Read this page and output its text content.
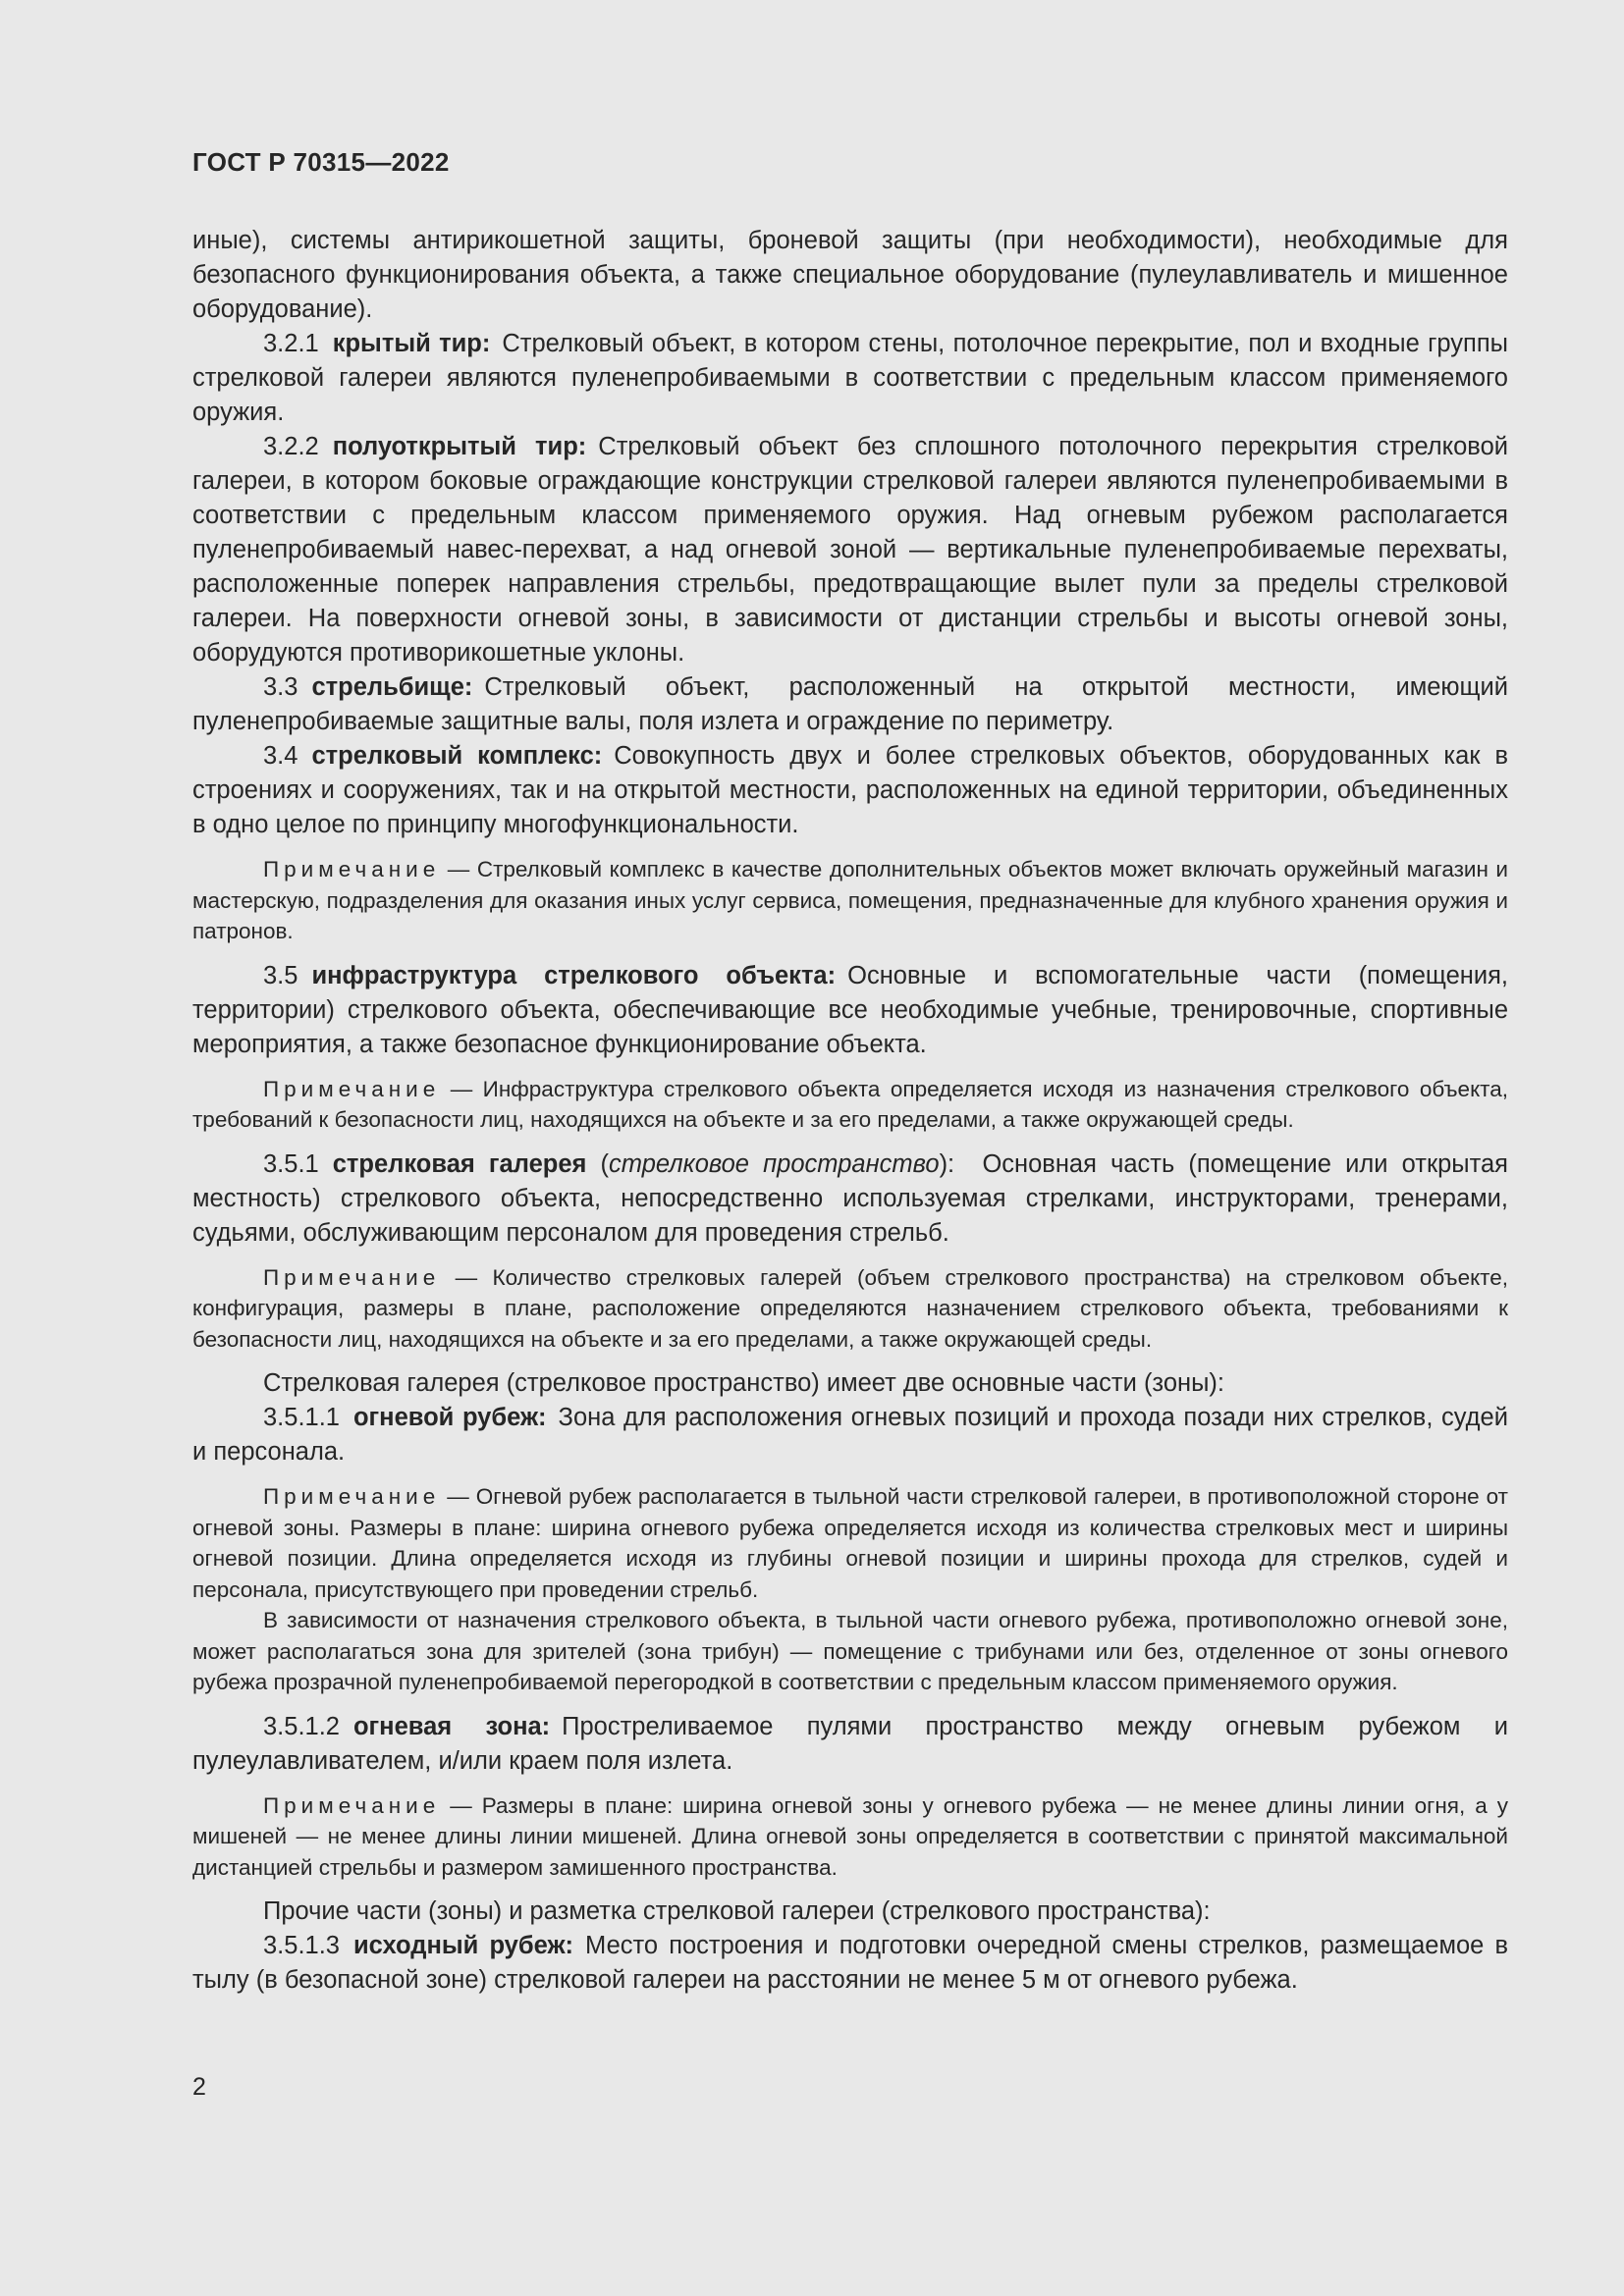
ГОСТ Р 70315—2022

иные), системы антирикошетной защиты, броневой защиты (при необходимости), необходимые для безопасного функционирования объекта, а также специальное оборудование (пулеулавливатель и мишенное оборудование).

3.2.1 крытый тир: Стрелковый объект, в котором стены, потолочное перекрытие, пол и входные группы стрелковой галереи являются пуленепробиваемыми в соответствии с предельным классом применяемого оружия.

3.2.2 полуоткрытый тир: Стрелковый объект без сплошного потолочного перекрытия стрелковой галереи, в котором боковые ограждающие конструкции стрелковой галереи являются пуленепробиваемыми в соответствии с предельным классом применяемого оружия. Над огневым рубежом располагается пуленепробиваемый навес-перехват, а над огневой зоной — вертикальные пуленепробиваемые перехваты, расположенные поперек направления стрельбы, предотвращающие вылет пули за пределы стрелковой галереи. На поверхности огневой зоны, в зависимости от дистанции стрельбы и высоты огневой зоны, оборудуются противорикошетные уклоны.

3.3 стрельбище: Стрелковый объект, расположенный на открытой местности, имеющий пуленепробиваемые защитные валы, поля излета и ограждение по периметру.

3.4 стрелковый комплекс: Совокупность двух и более стрелковых объектов, оборудованных как в строениях и сооружениях, так и на открытой местности, расположенных на единой территории, объединенных в одно целое по принципу многофункциональности.

Примечание — Стрелковый комплекс в качестве дополнительных объектов может включать оружейный магазин и мастерскую, подразделения для оказания иных услуг сервиса, помещения, предназначенные для клубного хранения оружия и патронов.

3.5 инфраструктура стрелкового объекта: Основные и вспомогательные части (помещения, территории) стрелкового объекта, обеспечивающие все необходимые учебные, тренировочные, спортивные мероприятия, а также безопасное функционирование объекта.

Примечание — Инфраструктура стрелкового объекта определяется исходя из назначения стрелкового объекта, требований к безопасности лиц, находящихся на объекте и за его пределами, а также окружающей среды.

3.5.1 стрелковая галерея (стрелковое пространство): Основная часть (помещение или открытая местность) стрелкового объекта, непосредственно используемая стрелками, инструкторами, тренерами, судьями, обслуживающим персоналом для проведения стрельб.

Примечание — Количество стрелковых галерей (объем стрелкового пространства) на стрелковом объекте, конфигурация, размеры в плане, расположение определяются назначением стрелкового объекта, требованиями к безопасности лиц, находящихся на объекте и за его пределами, а также окружающей среды.

Стрелковая галерея (стрелковое пространство) имеет две основные части (зоны):

3.5.1.1 огневой рубеж: Зона для расположения огневых позиций и прохода позади них стрелков, судей и персонала.

Примечание — Огневой рубеж располагается в тыльной части стрелковой галереи, в противоположной стороне от огневой зоны. Размеры в плане: ширина огневого рубежа определяется исходя из количества стрелковых мест и ширины огневой позиции. Длина определяется исходя из глубины огневой позиции и ширины прохода для стрелков, судей и персонала, присутствующего при проведении стрельб.

В зависимости от назначения стрелкового объекта, в тыльной части огневого рубежа, противоположно огневой зоне, может располагаться зона для зрителей (зона трибун) — помещение с трибунами или без, отделенное от зоны огневого рубежа прозрачной пуленепробиваемой перегородкой в соответствии с предельным классом применяемого оружия.

3.5.1.2 огневая зона: Простреливаемое пулями пространство между огневым рубежом и пулеулавливателем, и/или краем поля излета.

Примечание — Размеры в плане: ширина огневой зоны у огневого рубежа — не менее длины линии огня, а у мишеней — не менее длины линии мишеней. Длина огневой зоны определяется в соответствии с принятой максимальной дистанцией стрельбы и размером замишенного пространства.

Прочие части (зоны) и разметка стрелковой галереи (стрелкового пространства):

3.5.1.3 исходный рубеж: Место построения и подготовки очередной смены стрелков, размещаемое в тылу (в безопасной зоне) стрелковой галереи на расстоянии не менее 5 м от огневого рубежа.

2
